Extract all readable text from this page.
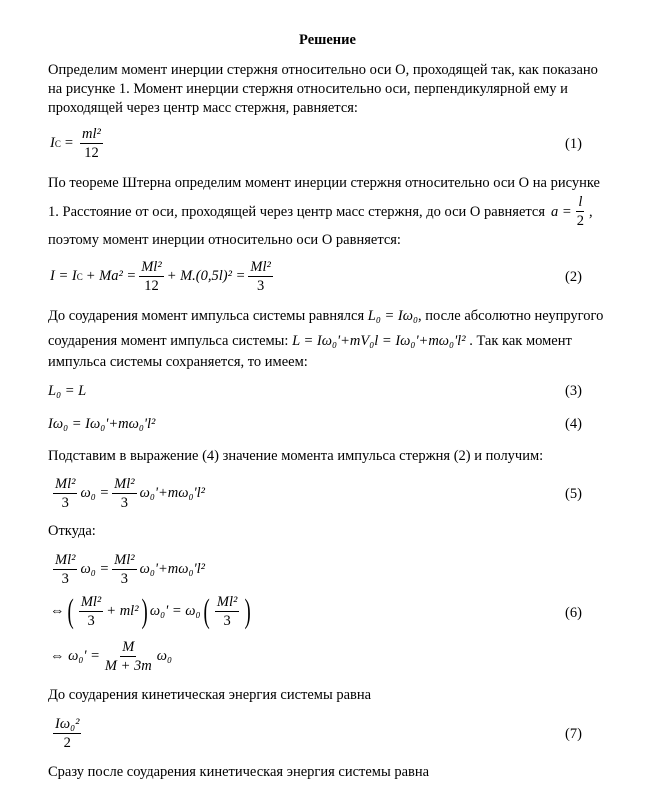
Решение
Определим момент инерции стержня относительно оси О, проходящей так, как показано
на рисунке 1. Момент инерции стержня относительно оси, перпендикулярной ему и
проходящей через центр масс стержня, равняется:
I $C = \frac{\text{ml²}}{12}$	(1)
По теореме Штерна определим момент инерции стержня относительно оси О на рисунке
1. Расстояние от оси, проходящей через центр масс стержня, до оси О равняется $a = \frac{l}{2}$ ,
поэтому момент инерции относительно оси О равняется:
I = I $C + Ma^2 = \frac{\text{Ml²}}{12} + M.(0,5l)^2 = \frac{\text{Ml²}}{3}$	(2)
До соударения момент импульса системы равнялся L₀ = Iω₀, после абсолютно неупругого
соударения момент импульса системы: L = Iω₀'+mV₀l = Iω₀'+mω₀'l² . Так как момент
импульса системы сохраняется, то имеем:
L₀ = L	(3)
Iω₀ = Iω₀'+mω₀'l²	(4)
Подставим в выражение (4) значение момента импульса стержня (2) и получим:
$\frac{\text{Ml²}}{3} \omega_0 = \frac{\text{Ml²}}{3} \omega_0'+m\omega_0'l^2$	(5)
Откуда:
$\frac{\text{Ml²}}{3} \omega_0 = \frac{\text{Ml²}}{3} \omega_0'+m\omega_0'l^2$
⇔ ( $\frac{\text{Ml²}}{3} + ml^2$ ) ω₀' = ω₀ ( $\frac{\text{Ml²}}{3}$ )	(6)
⇔ $\omega_0' = \frac{M}{M + 3m} \omega_0$
До соударения кинетическая энергия системы равна
$\frac{\text{Iω₀²}}{2}$	(7)
Сразу после соударения кинетическая энергия системы равна
